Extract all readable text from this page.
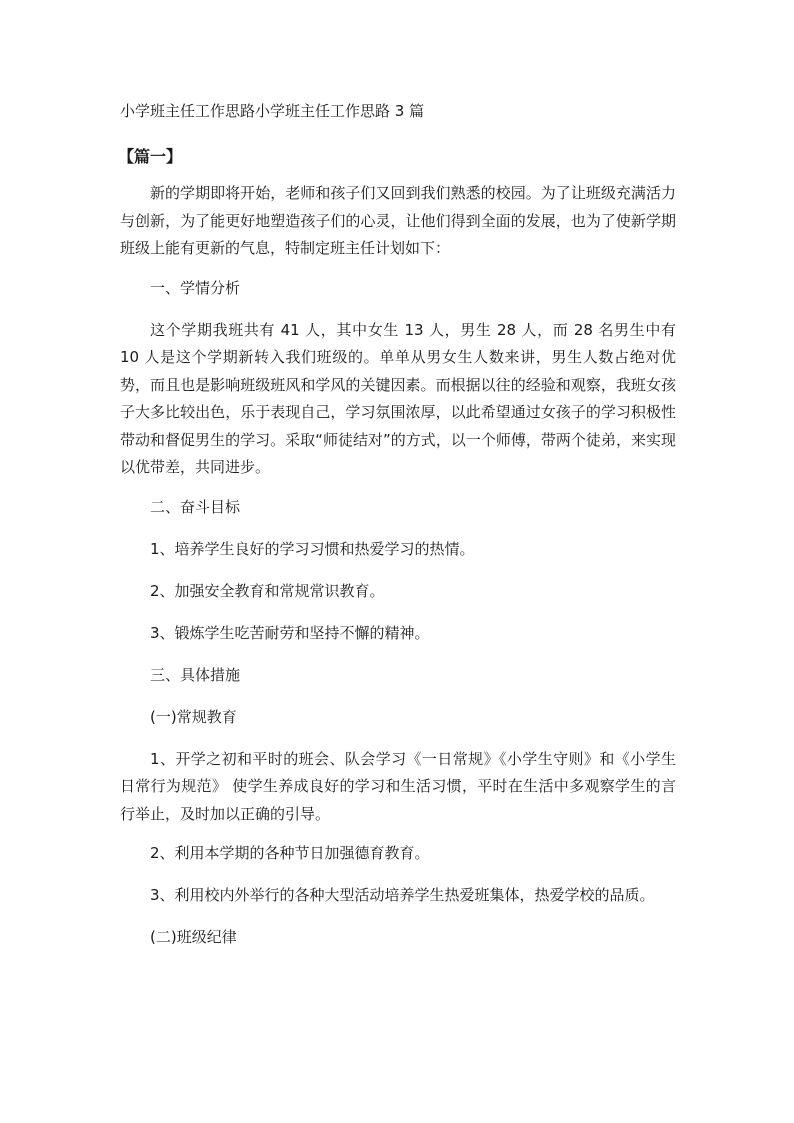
小学班主任工作思路小学班主任工作思路 3 篇
【篇一】

新的学期即将开始，老师和孩子们又回到我们熟悉的校园。为了让班级充满活力与创新，为了能更好地塑造孩子们的心灵，让他们得到全面的发展，也为了使新学期班级上能有更新的气息，特制定班主任计划如下：

一、学情分析

这个学期我班共有 41 人，其中女生 13 人，男生 28 人，而 28 名男生中有 10 人是这个学期新转入我们班级的。单单从男女生人数来讲，男生人数占绝对优势，而且也是影响班级班风和学风的关键因素。而根据以往的经验和观察，我班女孩子大多比较出色，乐于表现自己，学习氛围浓厚，以此希望通过女孩子的学习积极性带动和督促男生的学习。采取“师徒结对”的方式，以一个师傅，带两个徒弟，来实现以优带差，共同进步。

二、奋斗目标

1、培养学生良好的学习习惯和热爱学习的热情。

2、加强安全教育和常规常识教育。

3、锻炼学生吃苦耐劳和坚持不懈的精神。

三、具体措施

(一)常规教育

1、开学之初和平时的班会、队会学习《一日常规》《小学生守则》和《小学生日常行为规范》 使学生养成良好的学习和生活习惯，平时在生活中多观察学生的言行举止，及时加以正确的引导。

2、利用本学期的各种节日加强德育教育。

3、利用校内外举行的各种大型活动培养学生热爱班集体，热爱学校的品质。

(二)班级纪律
